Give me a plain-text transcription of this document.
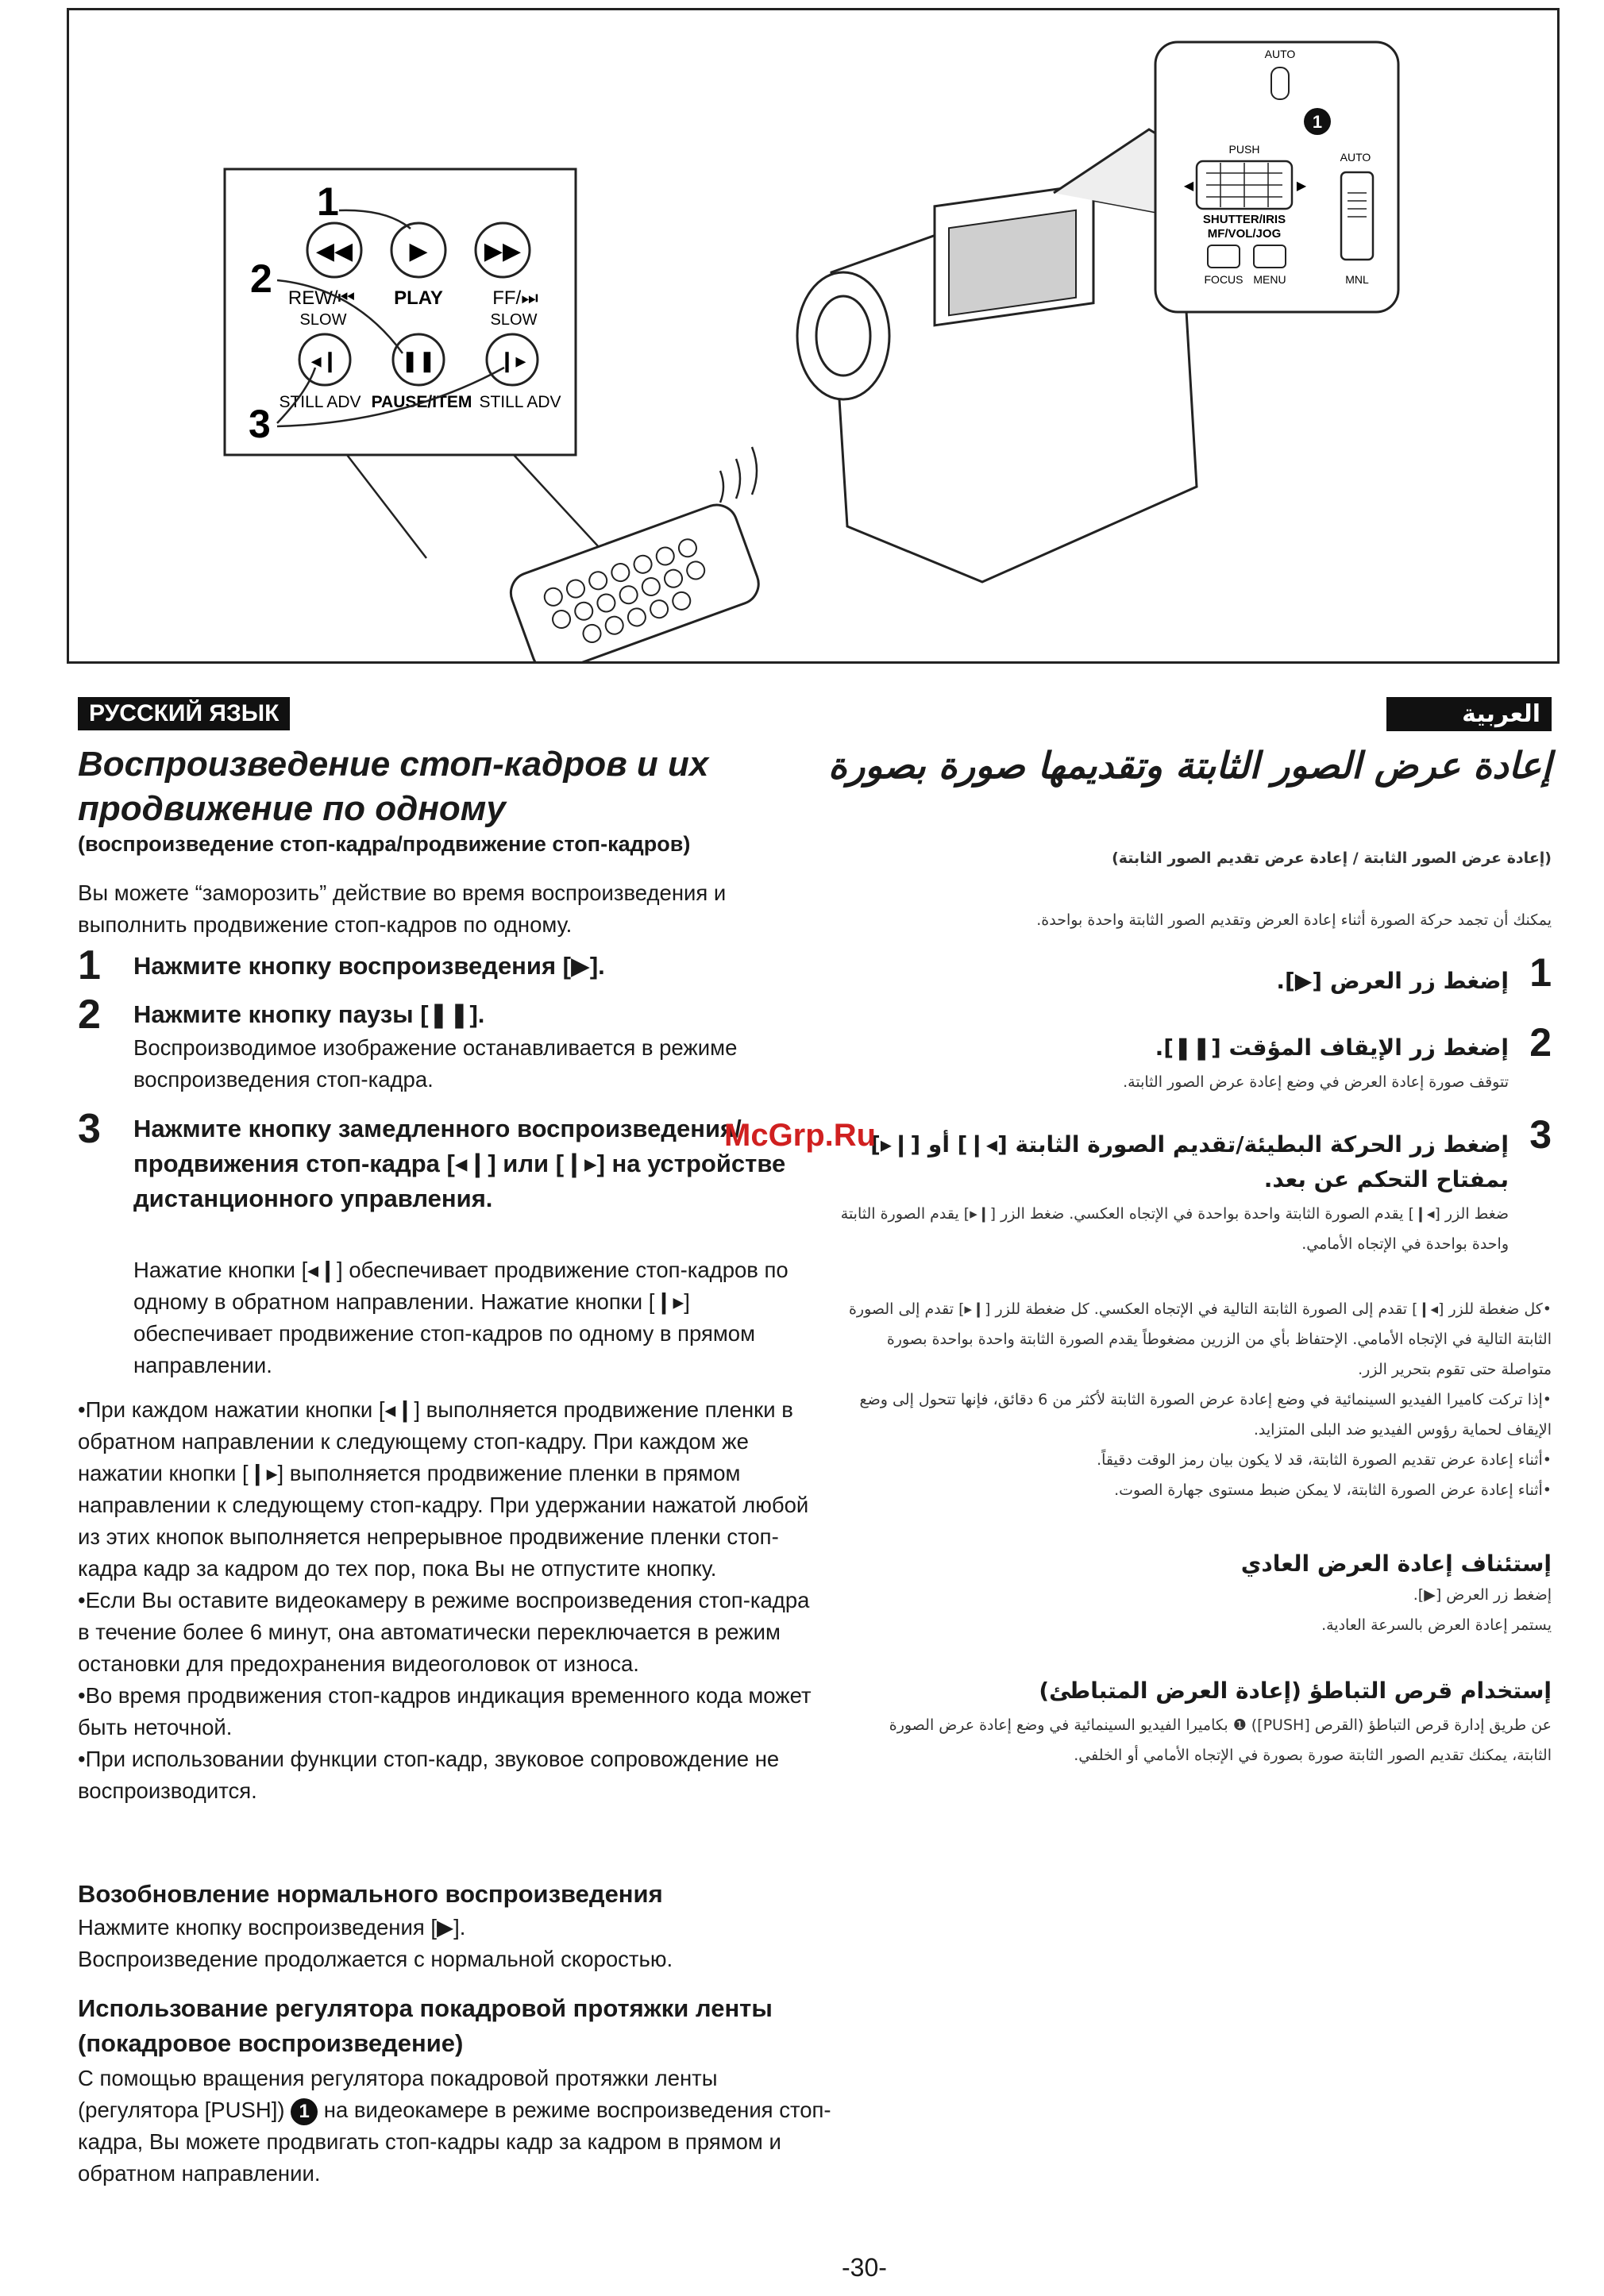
◀◀ ▶ ▶▶
REW/⏮ PLAY	FF/⏭
SLOW	SLOW
◂❙	❚❚	❙▸
STILL ADV PAUSE/ITEM STILL ADV
1
2
3
AUTO
1
PUSH
◀	▶
AUTO
SHUTTER/IRIS
MF/VOL/JOG
FOCUS MENU	MNL
РУССКИЙ ЯЗЫК
Воспроизведение стоп-кадров и их продвижение по одному
(воспроизведение стоп-кадра/продвижение стоп-кадров)
Вы можете “заморозить” действие во время воспроизведения и выполнить продвижение стоп-кадров по одному.
1 Нажмите кнопку воспроизведения [▶].
2 Нажмите кнопку паузы [❚❚].
Воспроизводимое изображение останавливается в режиме воспроизведения стоп-кадра.
3 Нажмите кнопку замедленного воспроизведения/продвижения стоп-кадра [◂❙] или [❙▸] на устройстве дистанционного управления.
Нажатие кнопки [◂❙] обеспечивает продвижение стоп-кадров по одному в обратном направлении. Нажатие кнопки [❙▸] обеспечивает продвижение стоп-кадров по одному в прямом направлении.
• При каждом нажатии кнопки [◂❙] выполняется продвижение пленки в обратном направлении к следующему стоп-кадру. При каждом же нажатии кнопки [❙▸] выполняется продвижение пленки в прямом направлении к следующему стоп-кадру. При удержании нажатой любой из этих кнопок выполняется непрерывное продвижение пленки стоп-кадра кадр за кадром до тех пор, пока Вы не отпустите кнопку.
• Если Вы оставите видеокамеру в режиме воспроизведения стоп-кадра в течение более 6 минут, она автоматически переключается в режим остановки для предохранения видеоголовок от износа.
• Во время продвижения стоп-кадров индикация временного кода может быть неточной.
• При использовании функции стоп-кадр, звуковое сопровождение не воспроизводится.
Возобновление нормального воспроизведения
Нажмите кнопку воспроизведения [▶].
Воспроизведение продолжается с нормальной скоростью.
Использование регулятора покадровой протяжки ленты (покадровое воспроизведение)
С помощью вращения регулятора покадровой протяжки ленты (регулятора [PUSH]) 1 на видеокамере в режиме воспроизведения стоп-кадра, Вы можете продвигать стоп-кадры кадр за кадром в прямом и обратном направлении.
العربية
إعادة عرض الصور الثابتة وتقديمها صورة بصورة
(إعادة عرض الصور الثابتة / إعادة عرض تقديم الصور الثابتة)
يمكنك أن تجمد حركة الصورة أثناء إعادة العرض وتقديم الصور الثابتة واحدة بواحدة.
1
إضغط زر العرض [▶].
2
إضغط زر الإيقاف المؤقت [❚❚].
تتوقف صورة إعادة العرض في وضع إعادة عرض الصور الثابتة.
3
إضغط زر الحركة البطيئة/تقديم الصورة الثابتة [◂❙] أو [❙▸] بمفتاح التحكم عن بعد.
ضغط الزر [◂❙] يقدم الصورة الثابتة واحدة بواحدة في الإتجاه العكسي. ضغط الزر [❙▸] يقدم الصورة الثابتة واحدة بواحدة في الإتجاه الأمامي.
• كل ضغطة للزر [◂❙] تقدم إلى الصورة الثابتة التالية في الإتجاه العكسي. كل ضغطة للزر [❙▸] تقدم إلى الصورة الثابتة التالية في الإتجاه الأمامي. الإحتفاظ بأي من الزرين مضغوطاً يقدم الصورة الثابتة واحدة بواحدة بصورة متواصلة حتى تقوم بتحرير الزر.
• إذا تركت كاميرا الفيديو السينمائية في وضع إعادة عرض الصورة الثابتة لأكثر من 6 دقائق، فإنها تتحول إلى وضع الإيقاف لحماية رؤوس الفيديو ضد البلى المتزايد.
• أثناء إعادة عرض تقديم الصورة الثابتة، قد لا يكون بيان رمز الوقت دقيقاً.
• أثناء إعادة عرض الصورة الثابتة، لا يمكن ضبط مستوى جهارة الصوت.
إستئناف إعادة العرض العادي
إضغط زر العرض [▶].
يستمر إعادة العرض بالسرعة العادية.
إستخدام قرص التباطؤ (إعادة العرض المتباطئ)
عن طريق إدارة قرص التباطؤ (القرص [PUSH]) ❶ بكاميرا الفيديو السينمائية في وضع إعادة عرض الصورة الثابتة، يمكنك تقديم الصور الثابتة صورة بصورة في الإتجاه الأمامي أو الخلفي.
McGrp.Ru
-30-
